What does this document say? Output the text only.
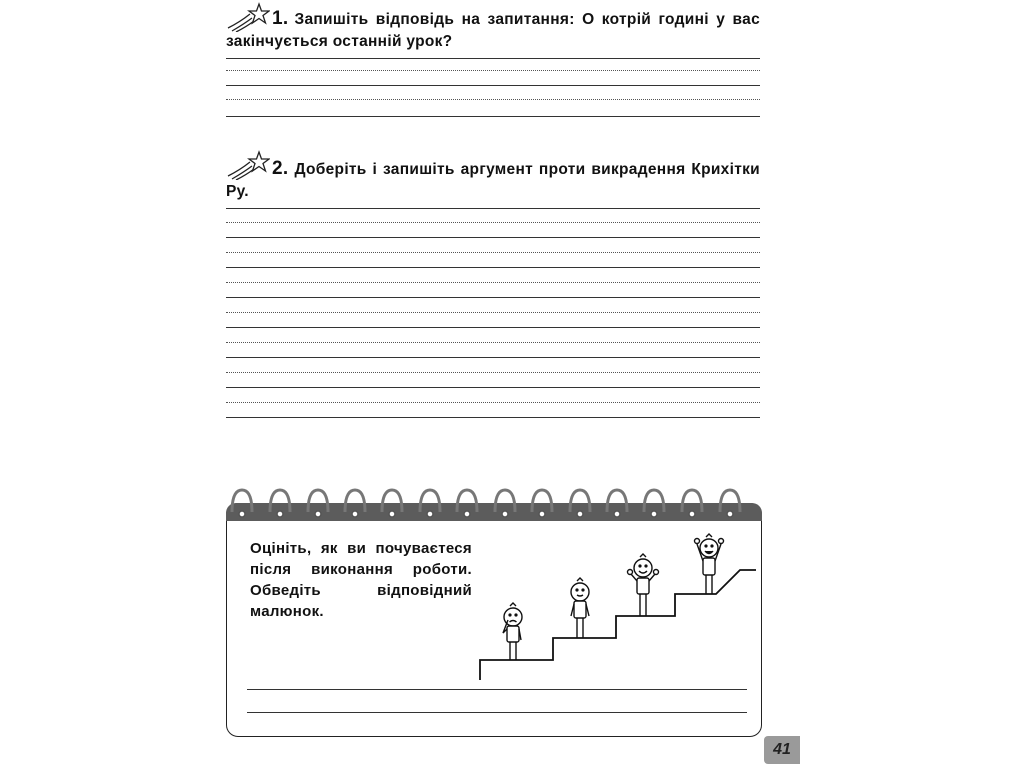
1. Запишіть відповідь на запитання: О котрій годині у вас закінчується останній урок?

2. Доберіть і запишіть аргумент проти викрадення Крихітки Ру.

Оцініть, як ви почуваєтеся після виконання роботи. Обведіть відповідний малюнок.

41
